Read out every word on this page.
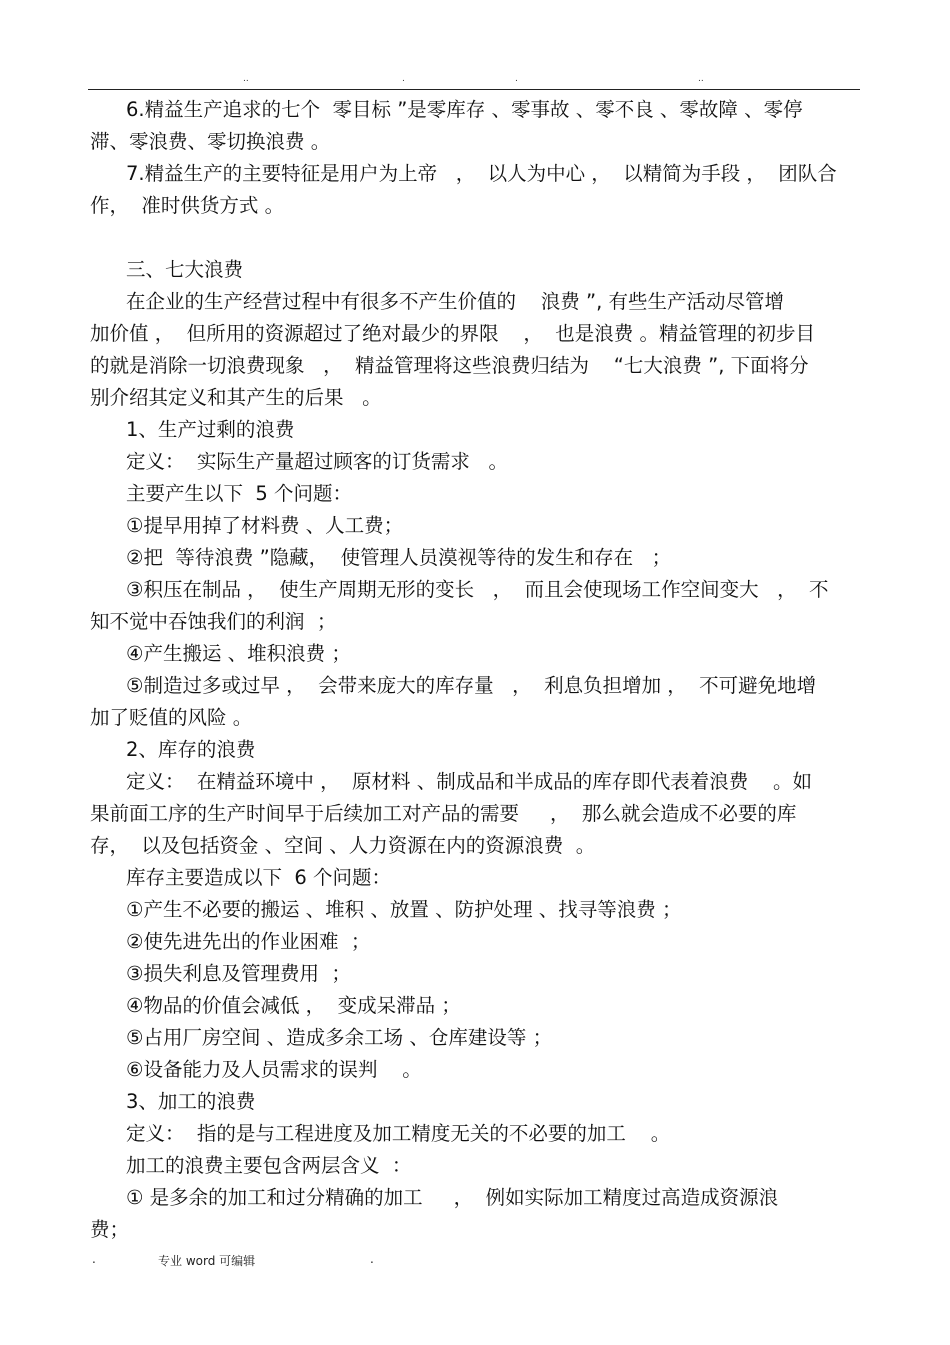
..	.	.	..

6.精益生产追求的七个  零目标 ”是零库存 、零事故 、零不良 、零故障 、零停

滞、零浪费、零切换浪费 。

7.精益生产的主要特征是用户为上帝   ，  以人为中心 ，  以精简为手段 ，  团队合

作，  准时供货方式 。

三、七大浪费

在企业的生产经营过程中有很多不产生价值的    浪费 ”, 有些生产活动尽管增

加价值 ，  但所用的资源超过了绝对最少的界限    ，  也是浪费 。精益管理的初步目

的就是消除一切浪费现象   ，  精益管理将这些浪费归结为    “七大浪费 ”, 下面将分

别介绍其定义和其产生的后果   。

1、生产过剩的浪费

定义：  实际生产量超过顾客的订货需求   。

主要产生以下  5 个问题：

①提早用掉了材料费 、人工费；

②把  等待浪费 ”隐藏，  使管理人员漠视等待的发生和存在   ；

③积压在制品 ，  使生产周期无形的变长   ，  而且会使现场工作空间变大   ，  不

知不觉中吞蚀我们的利润  ；

④产生搬运 、堆积浪费 ；

⑤制造过多或过早 ，  会带来庞大的库存量   ，  利息负担增加 ，  不可避免地增

加了贬值的风险 。

2、库存的浪费

定义：  在精益环境中 ，  原材料 、制成品和半成品的库存即代表着浪费    。如

果前面工序的生产时间早于后续加工对产品的需要     ，  那么就会造成不必要的库

存，  以及包括资金 、空间 、人力资源在内的资源浪费  。

库存主要造成以下  6 个问题：

①产生不必要的搬运 、堆积 、放置 、防护处理 、找寻等浪费 ；

②使先进先出的作业困难  ；

③损失利息及管理费用  ；

④物品的价值会减低 ，  变成呆滞品 ；

⑤占用厂房空间 、造成多余工场 、仓库建设等 ；

⑥设备能力及人员需求的误判    。

3、加工的浪费

定义：  指的是与工程进度及加工精度无关的不必要的加工    。

加工的浪费主要包含两层含义  ：

① 是多余的加工和过分精确的加工     ，  例如实际加工精度过高造成资源浪

费；

.	专业 word 可编辑	.
